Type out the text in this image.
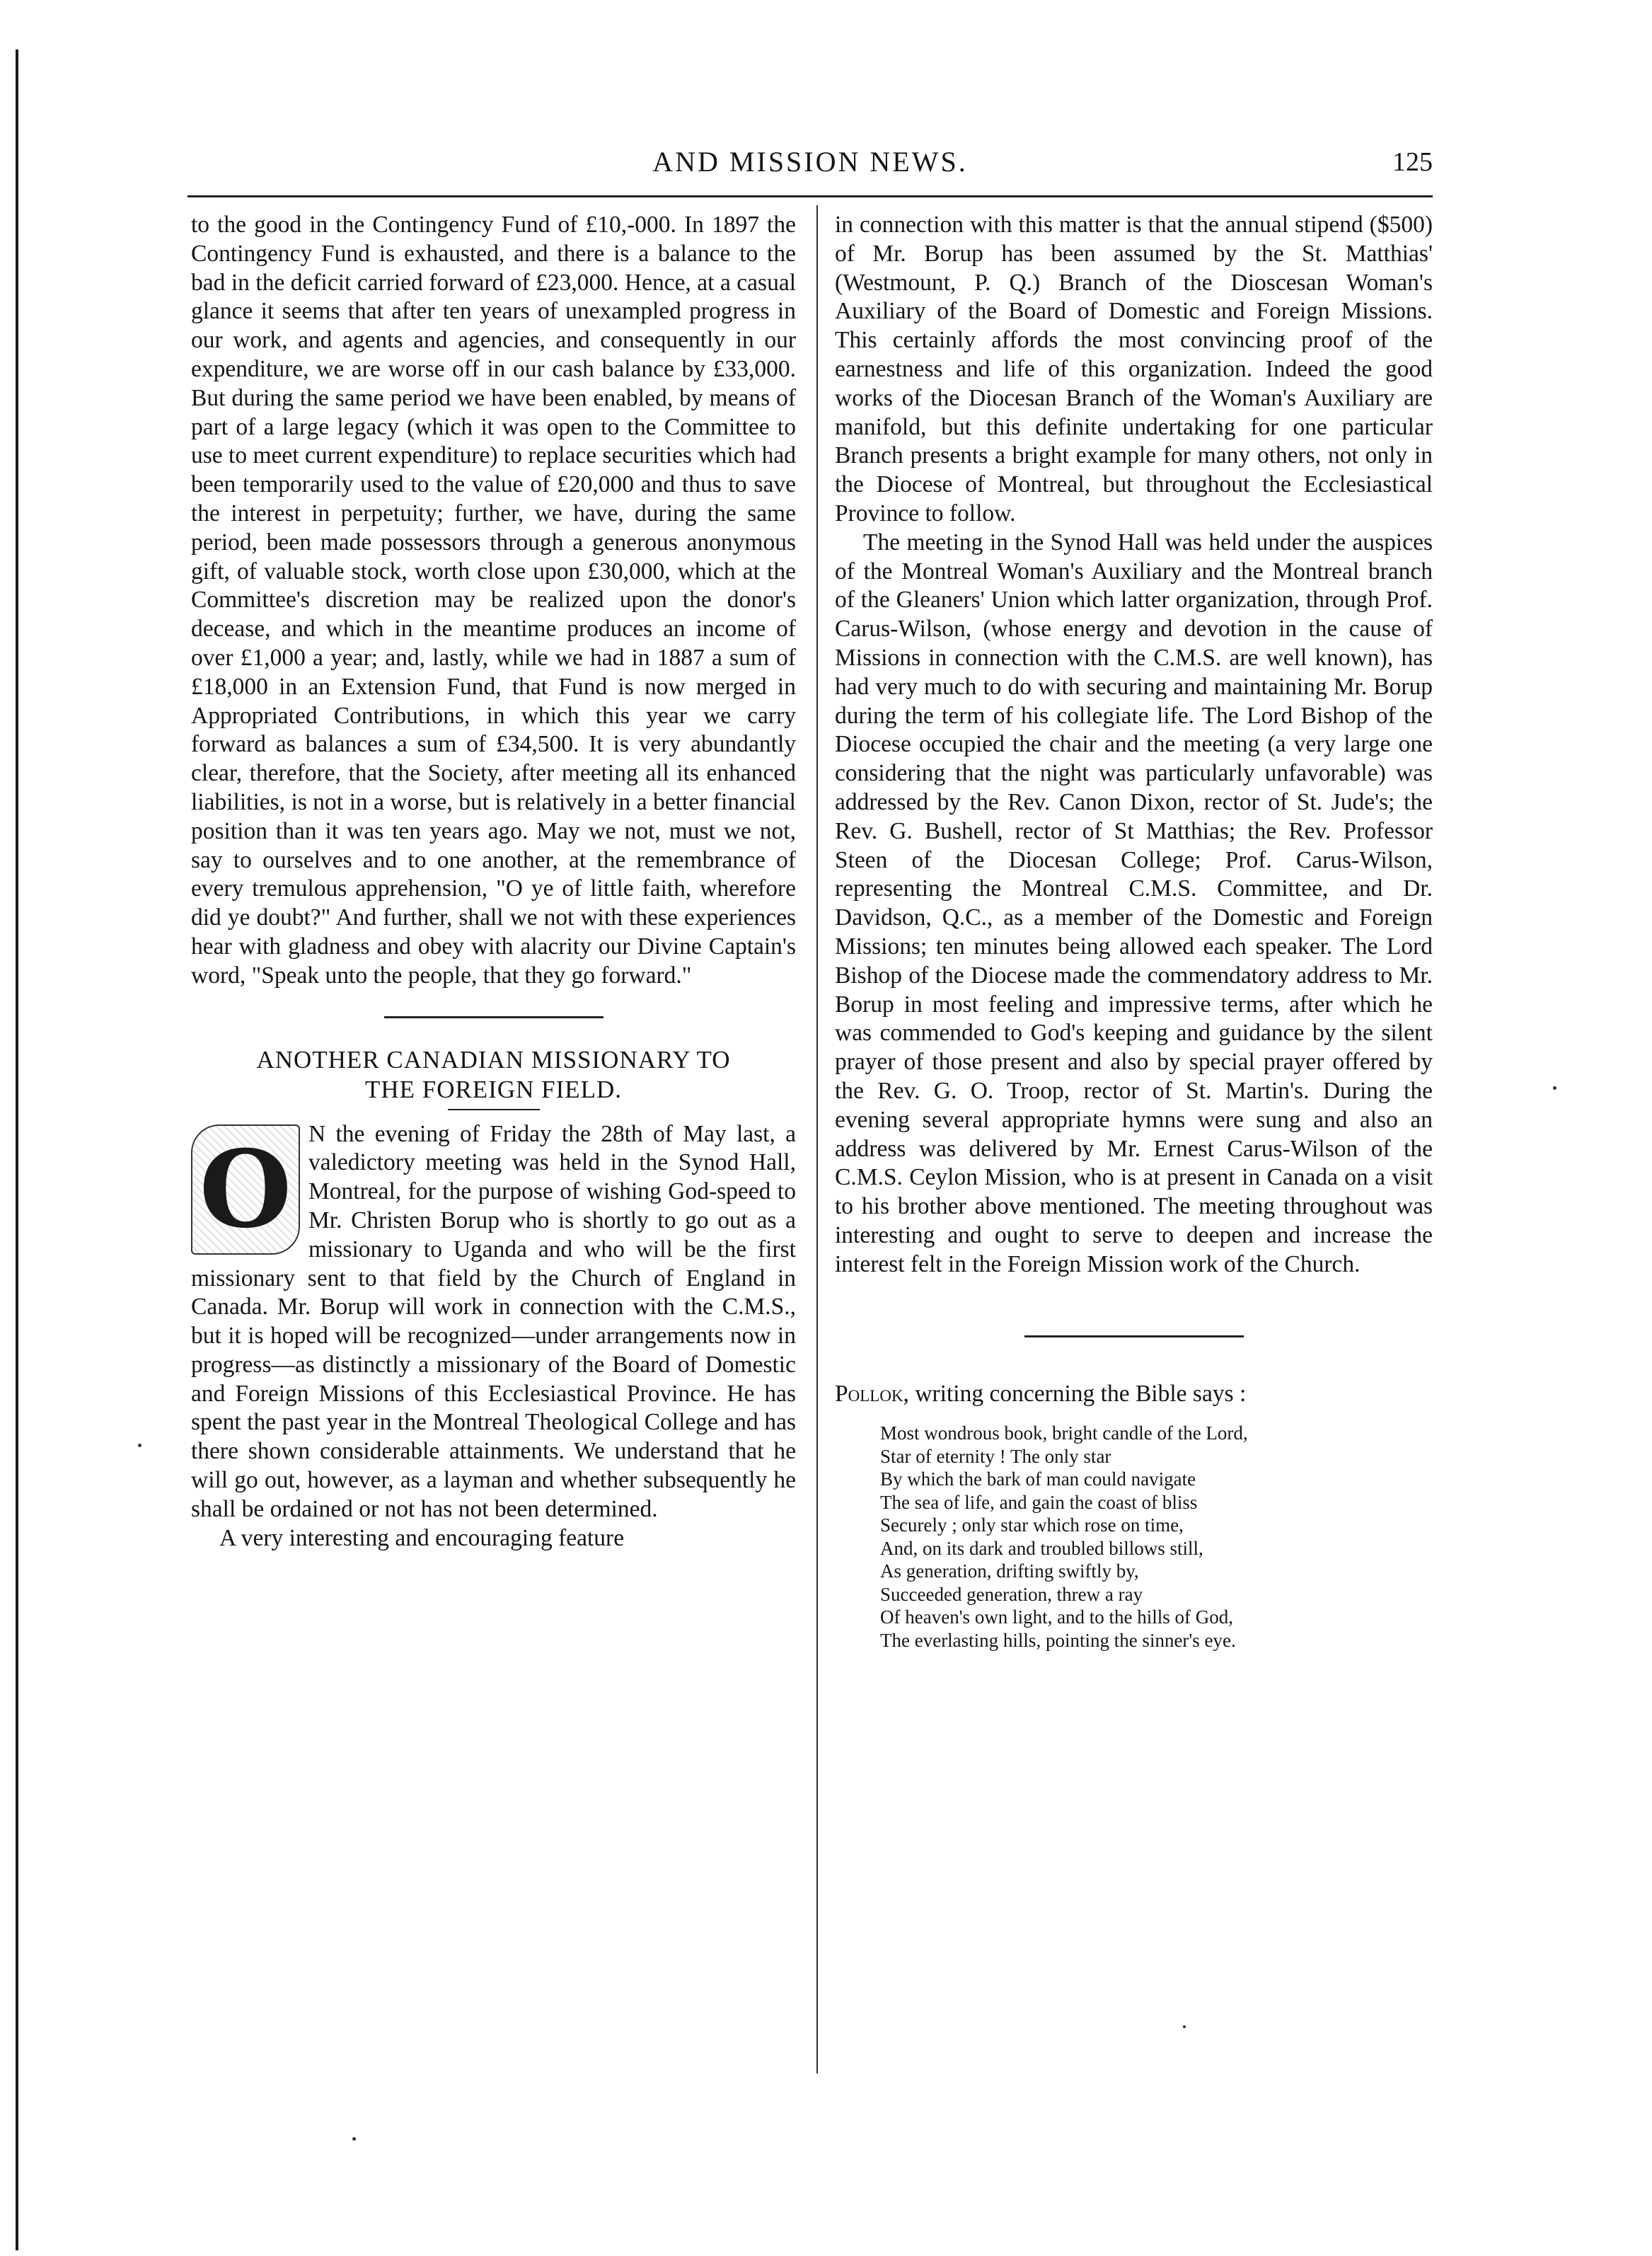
AND MISSION NEWS.	125

to the good in the Contingency Fund of £10,-000. In 1897 the Contingency Fund is exhausted, and there is a balance to the bad in the deficit carried forward of £23,000. Hence, at a casual glance it seems that after ten years of unexampled progress in our work, and agents and agencies, and consequently in our expenditure, we are worse off in our cash balance by £33,000. But during the same period we have been enabled, by means of part of a large legacy (which it was open to the Committee to use to meet current expenditure) to replace securities which had been temporarily used to the value of £20,000 and thus to save the interest in perpetuity; further, we have, during the same period, been made possessors through a generous anonymous gift, of valuable stock, worth close upon £30,000, which at the Committee's discretion may be realized upon the donor's decease, and which in the meantime produces an income of over £1,000 a year; and, lastly, while we had in 1887 a sum of £18,000 in an Extension Fund, that Fund is now merged in Appropriated Contributions, in which this year we carry forward as balances a sum of £34,500. It is very abundantly clear, therefore, that the Society, after meeting all its enhanced liabilities, is not in a worse, but is relatively in a better financial position than it was ten years ago. May we not, must we not, say to ourselves and to one another, at the remembrance of every tremulous apprehension, "O ye of little faith, wherefore did ye doubt?" And further, shall we not with these experiences hear with gladness and obey with alacrity our Divine Captain's word, "Speak unto the people, that they go forward."

ANOTHER CANADIAN MISSIONARY TO
THE FOREIGN FIELD.
O N the evening of Friday the 28th of May last, a valedictory meeting was held in the Synod Hall, Montreal, for the purpose of wishing God-speed to Mr. Christen Borup who is shortly to go out as a missionary to Uganda and who will be the first missionary sent to that field by the Church of England in Canada. Mr. Borup will work in connection with the C.M.S., but it is hoped will be recognized—under arrangements now in progress—as distinctly a missionary of the Board of Domestic and Foreign Missions of this Ecclesiastical Province. He has spent the past year in the Montreal Theological College and has there shown considerable attainments. We understand that he will go out, however, as a layman and whether subsequently he shall be ordained or not has not been determined.

A very interesting and encouraging feature

in connection with this matter is that the annual stipend ($500) of Mr. Borup has been assumed by the St. Matthias' (Westmount, P. Q.) Branch of the Dioscesan Woman's Auxiliary of the Board of Domestic and Foreign Missions. This certainly affords the most convincing proof of the earnestness and life of this organization. Indeed the good works of the Diocesan Branch of the Woman's Auxiliary are manifold, but this definite undertaking for one particular Branch presents a bright example for many others, not only in the Diocese of Montreal, but throughout the Ecclesiastical Province to follow.

The meeting in the Synod Hall was held under the auspices of the Montreal Woman's Auxiliary and the Montreal branch of the Gleaners' Union which latter organization, through Prof. Carus-Wilson, (whose energy and devotion in the cause of Missions in connection with the C.M.S. are well known), has had very much to do with securing and maintaining Mr. Borup during the term of his collegiate life. The Lord Bishop of the Diocese occupied the chair and the meeting (a very large one considering that the night was particularly unfavorable) was addressed by the Rev. Canon Dixon, rector of St. Jude's; the Rev. G. Bushell, rector of St Matthias; the Rev. Professor Steen of the Diocesan College; Prof. Carus-Wilson, representing the Montreal C.M.S. Committee, and Dr. Davidson, Q.C., as a member of the Domestic and Foreign Missions; ten minutes being allowed each speaker. The Lord Bishop of the Diocese made the commendatory address to Mr. Borup in most feeling and impressive terms, after which he was commended to God's keeping and guidance by the silent prayer of those present and also by special prayer offered by the Rev. G. O. Troop, rector of St. Martin's. During the evening several appropriate hymns were sung and also an address was delivered by Mr. Ernest Carus-Wilson of the C.M.S. Ceylon Mission, who is at present in Canada on a visit to his brother above mentioned. The meeting throughout was interesting and ought to serve to deepen and increase the interest felt in the Foreign Mission work of the Church.

Pollok, writing concerning the Bible says :

Most wondrous book, bright candle of the Lord,
Star of eternity ! The only star
By which the bark of man could navigate
The sea of life, and gain the coast of bliss
Securely ; only star which rose on time,
And, on its dark and troubled billows still,
As generation, drifting swiftly by,
Succeeded generation, threw a ray
Of heaven's own light, and to the hills of God,
The everlasting hills, pointing the sinner's eye.
